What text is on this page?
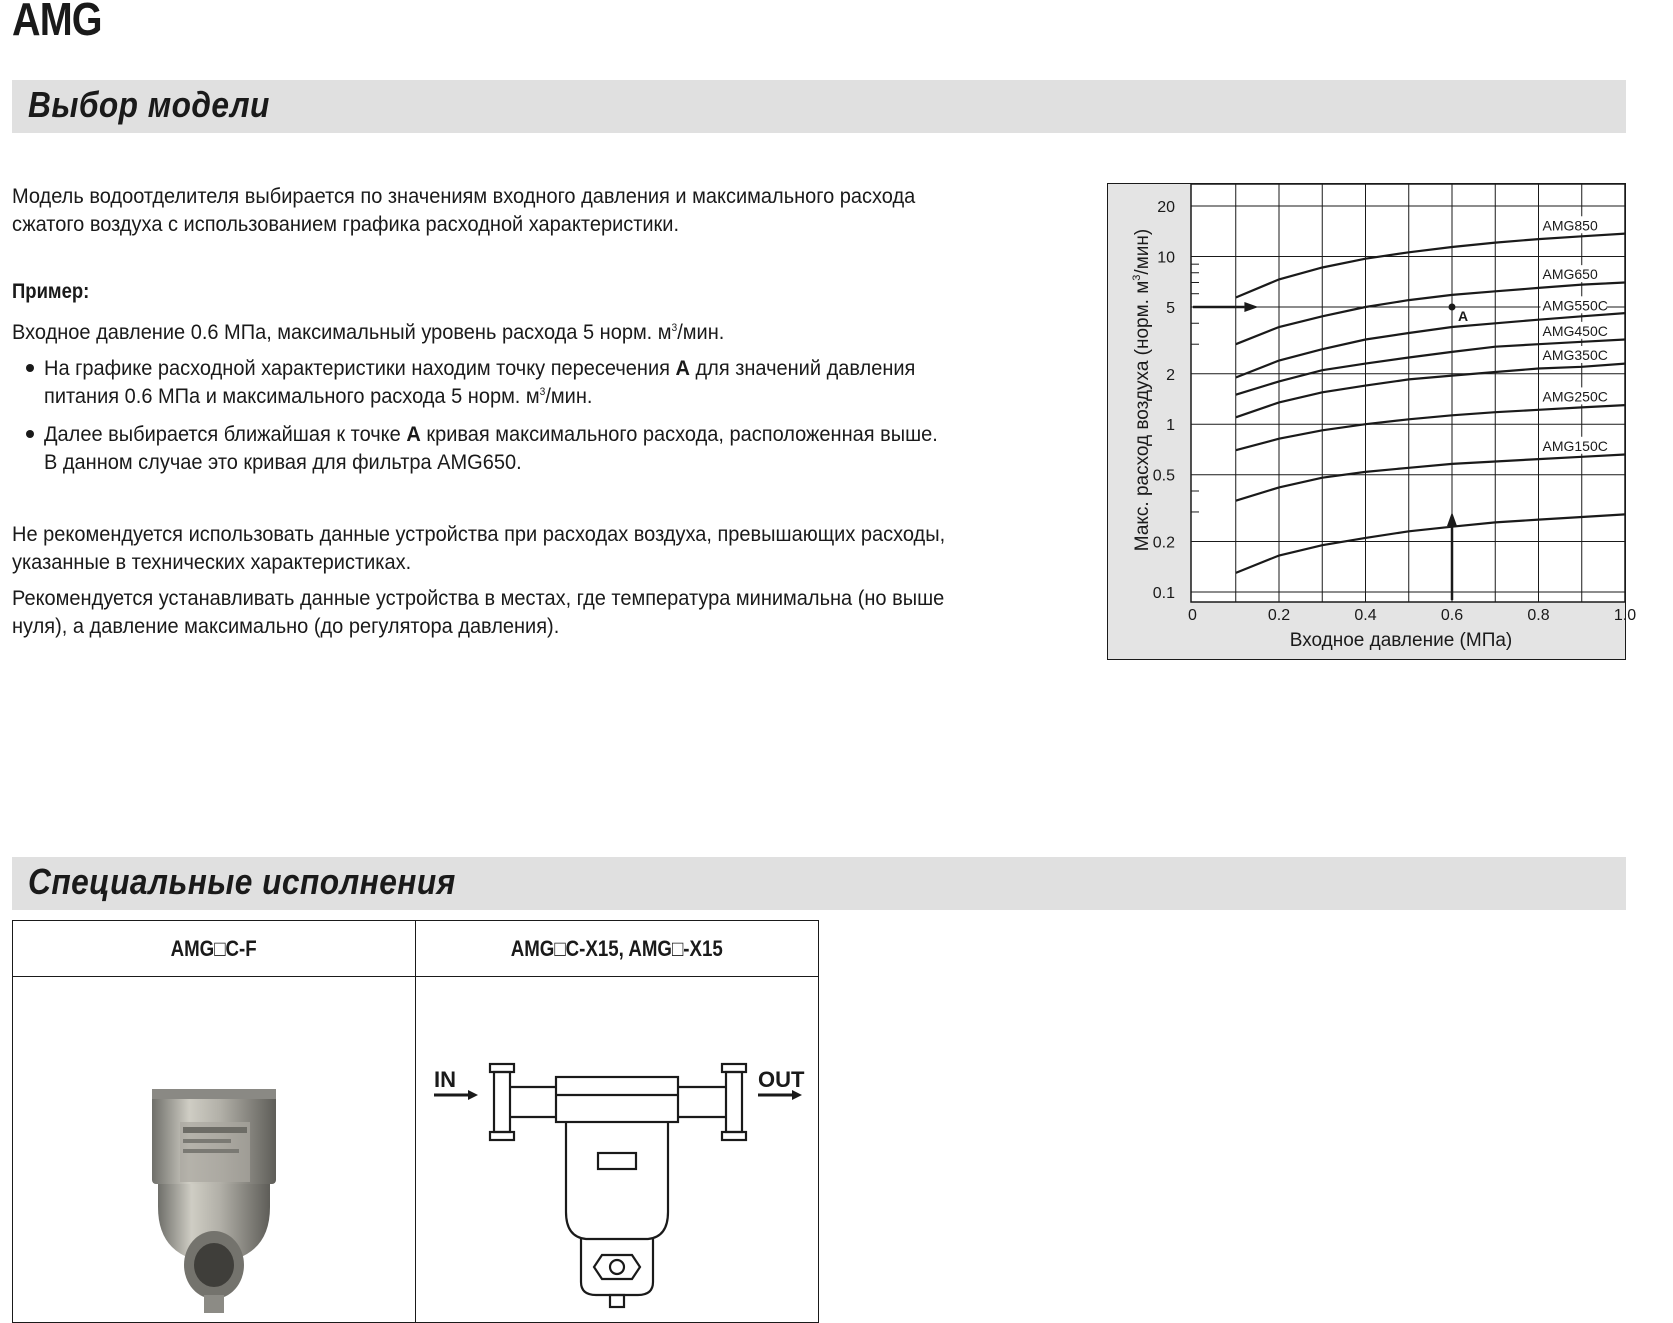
AMG
Выбор модели
Модель водоотделителя выбирается по значениям входного давления и максимального расхода
сжатого воздуха с использованием графика расходной характеристики.
Пример:
Входное давление 0.6 МПа, максимальный уровень расхода 5 норм. $м^3$/мин.
На графике расходной характеристики находим точку пересечения A для значений давления
питания 0.6 МПа и максимального расхода 5 норм. $м^3$/мин.
Далее выбирается ближайшая к точке A кривая максимального расхода, расположенная выше.
В данном случае это кривая для фильтра AMG650.
Не рекомендуется использовать данные устройства при расходах воздуха, превышающих расходы,
указанные в технических характеристиках.
Рекомендуется устанавливать данные устройства в местах, где температура минимальна (но выше
нуля), а давление максимально (до регулятора давления).
20
10
5
2
1
0.5
0.2
0.1
0	0.2	0.4	0.6	0.8	1.0
AMG850
AMG650
AMG550C
AMG450C
AMG350C
AMG250C
AMG150C
A
Входное давление (МПа)
Макс. расход воздуха (норм. $м^3/мин$)
Специальные исполнения
AMG□C-F	AMG□C-X15, AMG□-X15

IN OUT
